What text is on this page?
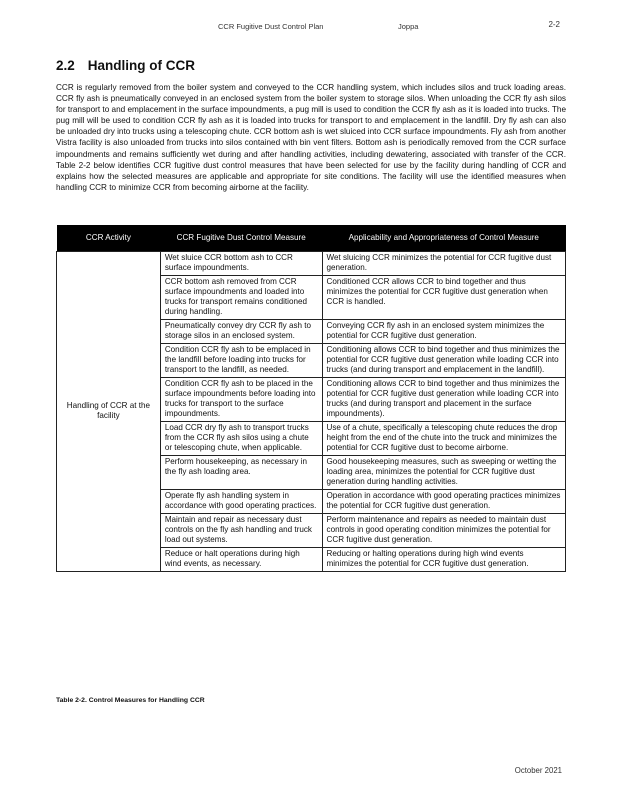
CCR Fugitive Dust Control Plan	Joppa	2-2
2.2 Handling of CCR
CCR is regularly removed from the boiler system and conveyed to the CCR handling system, which includes silos and truck loading areas. CCR fly ash is pneumatically conveyed in an enclosed system from the boiler system to storage silos. When unloading the CCR fly ash silos for transport to and emplacement in the surface impoundments, a pug mill is used to condition the CCR fly ash as it is loaded into trucks. The pug mill will be used to condition CCR fly ash as it is loaded into trucks for transport to and emplacement in the landfill. Dry fly ash can also be unloaded dry into trucks using a telescoping chute. CCR bottom ash is wet sluiced into CCR surface impoundments. Fly ash from another Vistra facility is also unloaded from trucks into silos contained with bin vent filters. Bottom ash is periodically removed from the CCR surface impoundments and remains sufficiently wet during and after handling activities, including dewatering, associated with transfer of the CCR. Table 2-2 below identifies CCR fugitive dust control measures that have been selected for use by the facility during handling of CCR and explains how the selected measures are applicable and appropriate for site conditions. The facility will use the identified measures when handling CCR to minimize CCR from becoming airborne at the facility.
CCR Activity	CCR Fugitive Dust Control Measure	Applicability and Appropriateness of Control Measure
Handling of CCR at the facility	Wet sluice CCR bottom ash to CCR surface impoundments.	Wet sluicing CCR minimizes the potential for CCR fugitive dust generation.
	CCR bottom ash removed from CCR surface impoundments and loaded into trucks for transport remains conditioned during handling.	Conditioned CCR allows CCR to bind together and thus minimizes the potential for CCR fugitive dust generation when CCR is handled.
	Pneumatically convey dry CCR fly ash to storage silos in an enclosed system.	Conveying CCR fly ash in an enclosed system minimizes the potential for CCR fugitive dust generation.
	Condition CCR fly ash to be emplaced in the landfill before loading into trucks for transport to the landfill, as needed.	Conditioning allows CCR to bind together and thus minimizes the potential for CCR fugitive dust generation while loading CCR into trucks (and during transport and emplacement in the landfill).
	Condition CCR fly ash to be placed in the surface impoundments before loading into trucks for transport to the surface impoundments.	Conditioning allows CCR to bind together and thus minimizes the potential for CCR fugitive dust generation while loading CCR into trucks (and during transport and placement in the surface impoundments).
	Load CCR dry fly ash to transport trucks from the CCR fly ash silos using a chute or telescoping chute, when applicable.	Use of a chute, specifically a telescoping chute reduces the drop height from the end of the chute into the truck and minimizes the potential for CCR fugitive dust to become airborne.
	Perform housekeeping, as necessary in the fly ash loading area.	Good housekeeping measures, such as sweeping or wetting the loading area, minimizes the potential for CCR fugitive dust generation during handling activities.
	Operate fly ash handling system in accordance with good operating practices.	Operation in accordance with good operating practices minimizes the potential for CCR fugitive dust generation.
	Maintain and repair as necessary dust controls on the fly ash handling and truck load out systems.	Perform maintenance and repairs as needed to maintain dust controls in good operating condition minimizes the potential for CCR fugitive dust generation.
	Reduce or halt operations during high wind events, as necessary.	Reducing or halting operations during high wind events minimizes the potential for CCR fugitive dust generation.
Table 2-2. Control Measures for Handling CCR
October 2021
